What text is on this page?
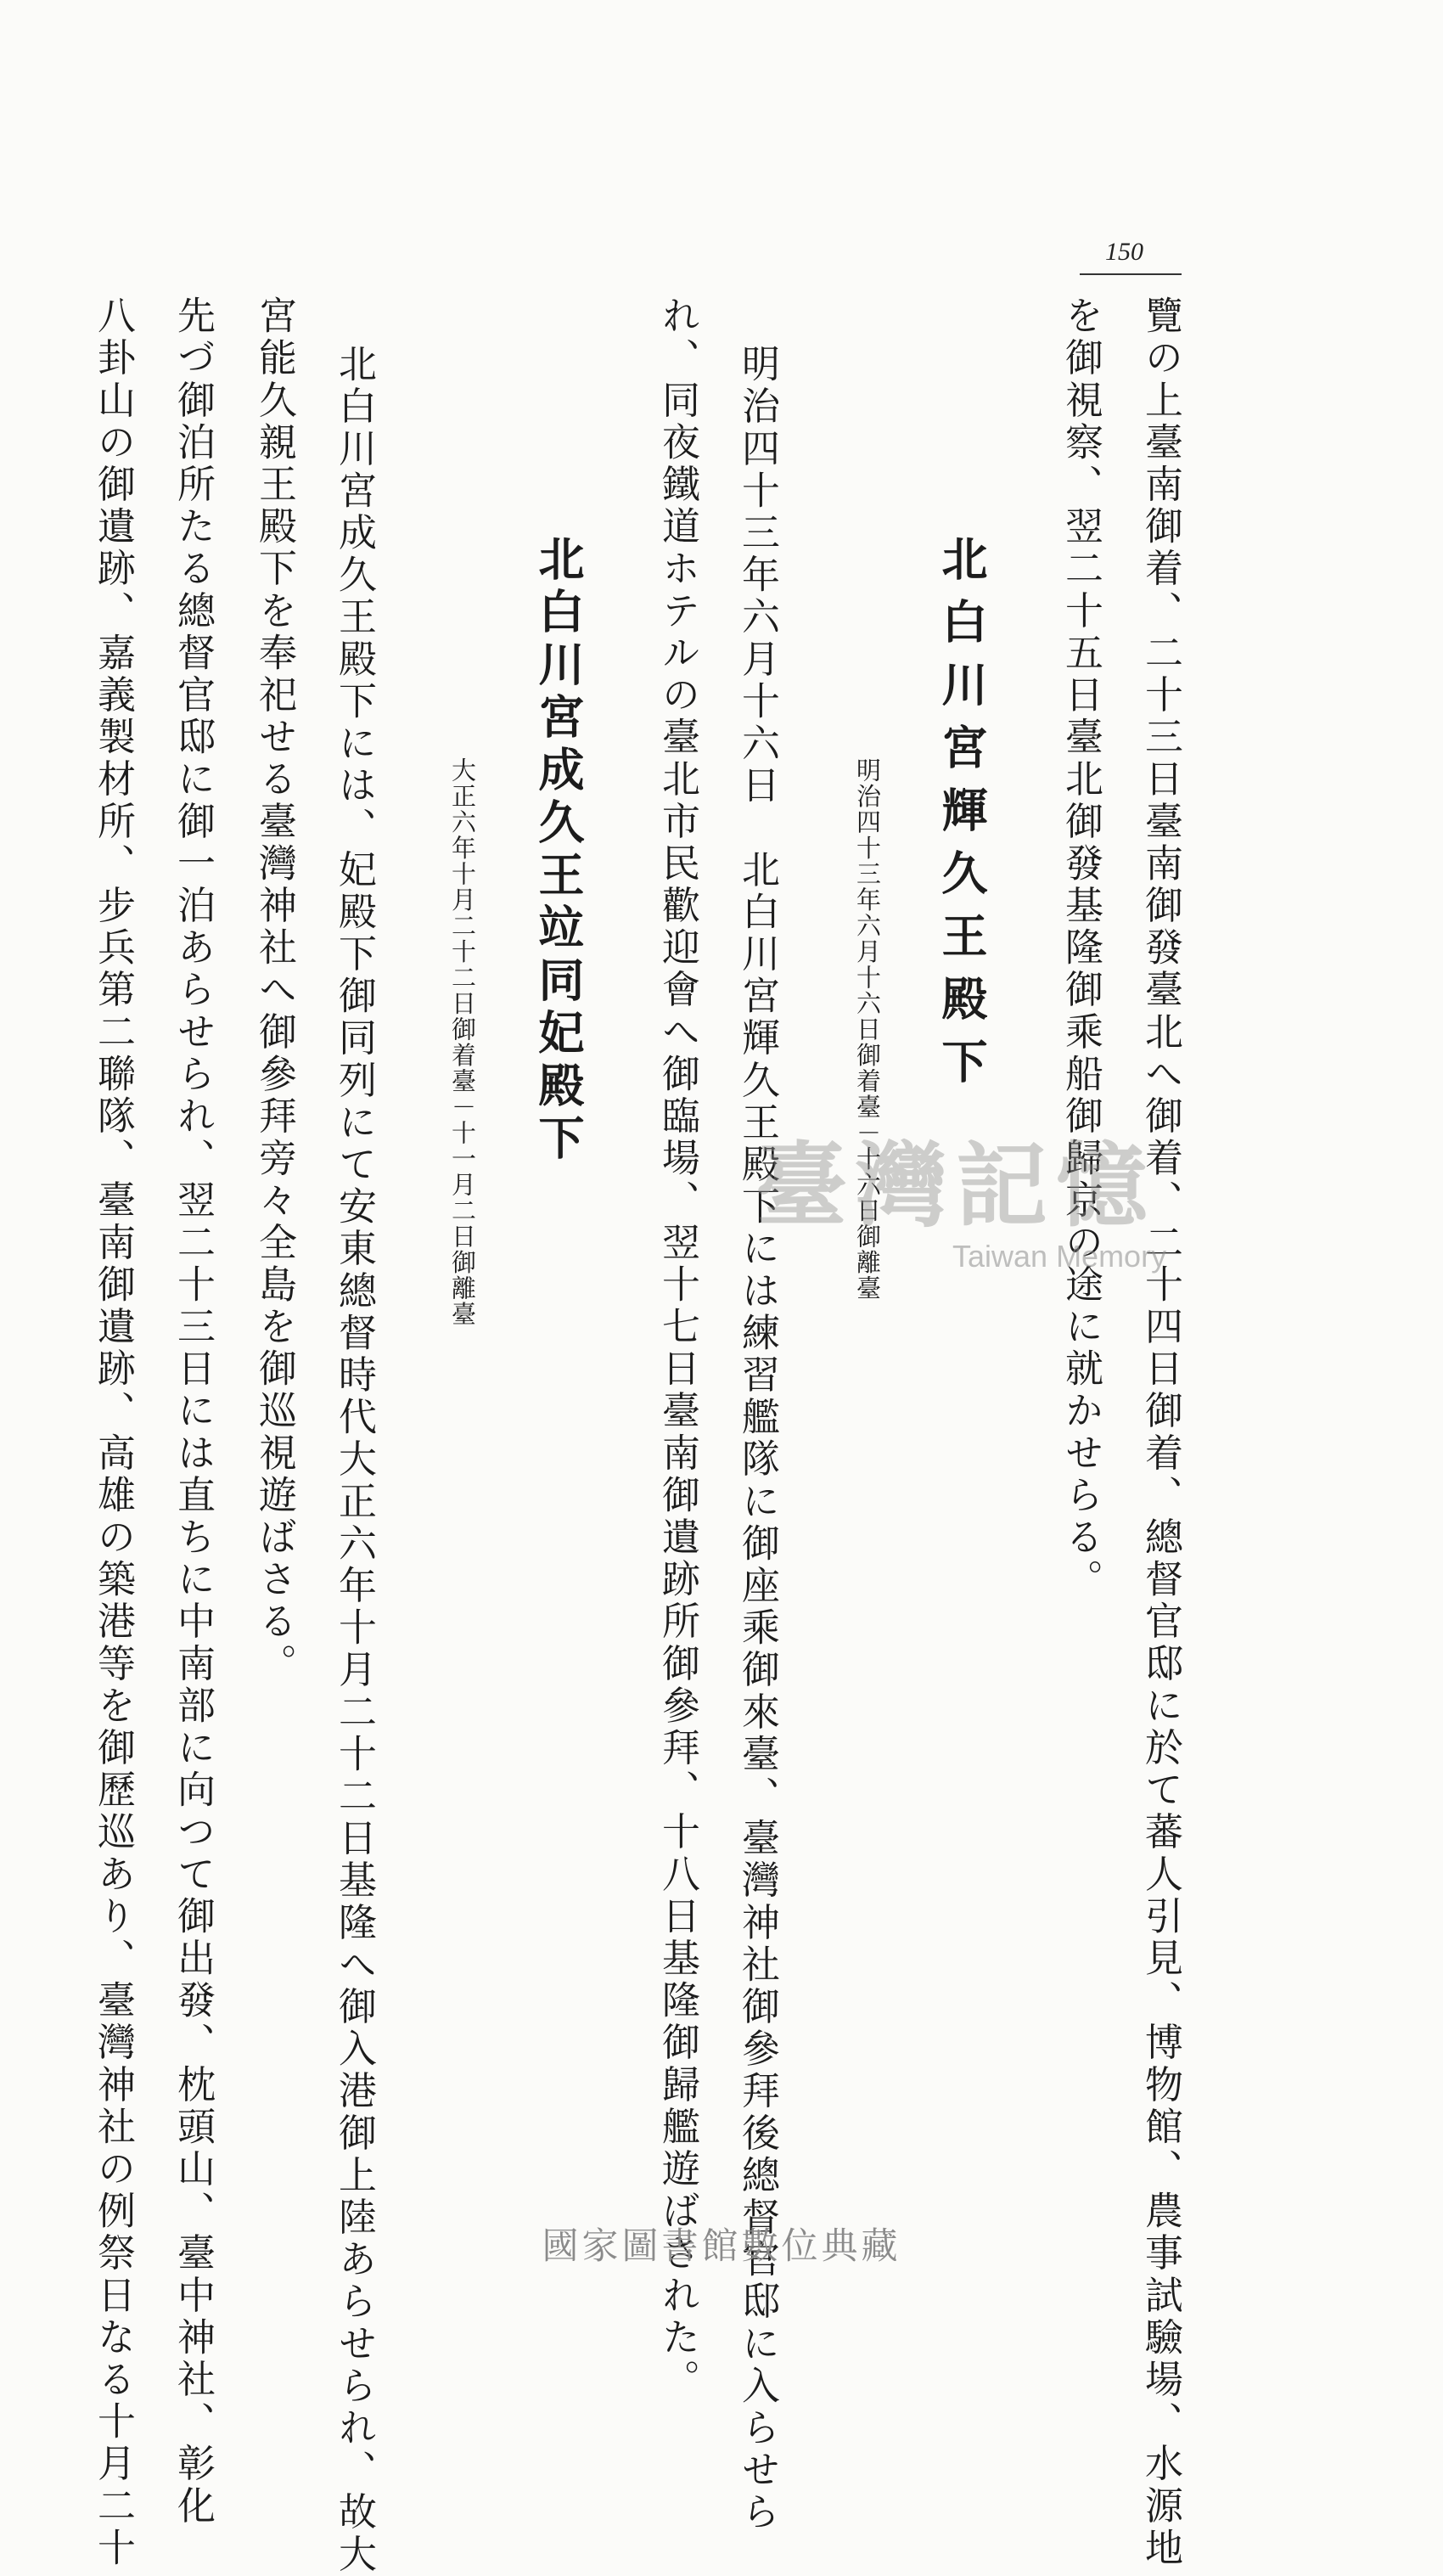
150
覽の上臺南御着、二十三日臺南御發臺北へ御着、二十四日御着、總督官邸に於て蕃人引見、博物館、農事試驗場、水源地
を御視察、翌二十五日臺北御發基隆御乘船御歸京の途に就かせらる。
北白川宮輝久王殿下
明治四十三年六月十六日御着臺－十六日御離臺
明治四十三年六月十六日　北白川宮輝久王殿下には練習艦隊に御座乘御來臺、臺灣神社御參拜後總督官邸に入らせら
れ、同夜鐵道ホテルの臺北市民歡迎會へ御臨場、翌十七日臺南御遺跡所御參拜、十八日基隆御歸艦遊ばされた。
北白川宮成久王竝同妃殿下
大正六年十月二十二日御着臺－十一月二日御離臺
北白川宮成久王殿下には、妃殿下御同列にて安東總督時代大正六年十月二十二日基隆へ御入港御上陸あらせられ、故大
宮能久親王殿下を奉祀せる臺灣神社へ御參拜旁々全島を御巡視遊ばさる。
先づ御泊所たる總督官邸に御一泊あらせられ、翌二十三日には直ちに中南部に向つて御出發、枕頭山、臺中神社、彰化
八卦山の御遺跡、嘉義製材所、步兵第二聯隊、臺南御遺跡、高雄の築港等を御歷巡あり、臺灣神社の例祭日なる十月二十	臺灣記憶
Taiwan Memory
國家圖書館數位典藏
